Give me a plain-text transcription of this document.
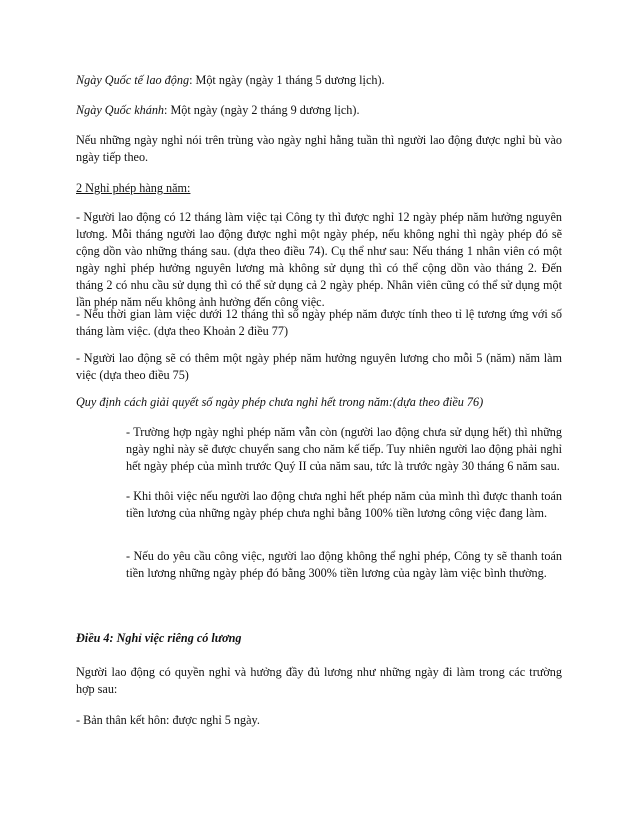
Ngày Quốc tế lao động: Một ngày (ngày 1 tháng 5 dương lịch).

Ngày Quốc khánh: Một ngày (ngày 2 tháng 9 dương lịch).

Nếu những ngày nghỉ nói trên trùng vào ngày nghỉ hằng tuần thì người lao động được nghỉ bù vào ngày tiếp theo.

2 Nghỉ phép hàng năm:

- Người lao động có 12 tháng làm việc tại Công ty thì được nghỉ 12 ngày phép năm hưởng nguyên lương. Mỗi tháng người lao động được nghỉ một ngày phép, nếu không nghỉ thì ngày phép đó sẽ cộng dồn vào những tháng sau. (dựa theo điều 74). Cụ thể như sau: Nếu tháng 1 nhân viên có một ngày nghỉ phép hưởng nguyên lương mà không sử dụng thì có thể cộng dồn vào tháng 2. Đến tháng 2 có nhu cầu sử dụng thì có thể sử dụng cả 2 ngày phép. Nhân viên cũng có thể sử dụng một lần phép năm nếu không ảnh hưởng đến công việc.

- Nếu thời gian làm việc dưới 12 tháng thì số ngày phép năm được tính theo tỉ lệ tương ứng với số tháng làm việc. (dựa theo Khoản 2 điều 77)

- Người lao động sẽ có thêm một ngày phép năm hưởng nguyên lương cho mỗi 5 (năm) năm làm việc (dựa theo điều 75)

Quy định cách giải quyết số ngày phép chưa nghỉ hết trong năm:(dựa theo điều 76)

- Trường hợp ngày nghỉ phép năm vẫn còn (người lao động chưa sử dụng hết) thì những ngày nghỉ này sẽ được chuyển sang cho năm kế tiếp. Tuy nhiên người lao động phải nghỉ hết ngày phép của mình trước Quý II của năm sau, tức là trước ngày 30 tháng 6 năm sau.

- Khi thôi việc nếu người lao động chưa nghỉ hết phép năm của mình thì được thanh toán tiền lương của những ngày phép chưa nghỉ bằng 100% tiền lương công việc đang làm.

- Nếu do yêu cầu công việc, người lao động không thể nghỉ phép, Công ty sẽ thanh toán tiền lương những ngày phép đó bằng 300% tiền lương của ngày làm việc bình thường.

Điều 4: Nghỉ việc riêng có lương

Người lao động có quyền nghỉ và hưởng đầy đủ lương như những ngày đi làm trong các trường hợp sau:

- Bản thân kết hôn: được nghỉ 5 ngày.
